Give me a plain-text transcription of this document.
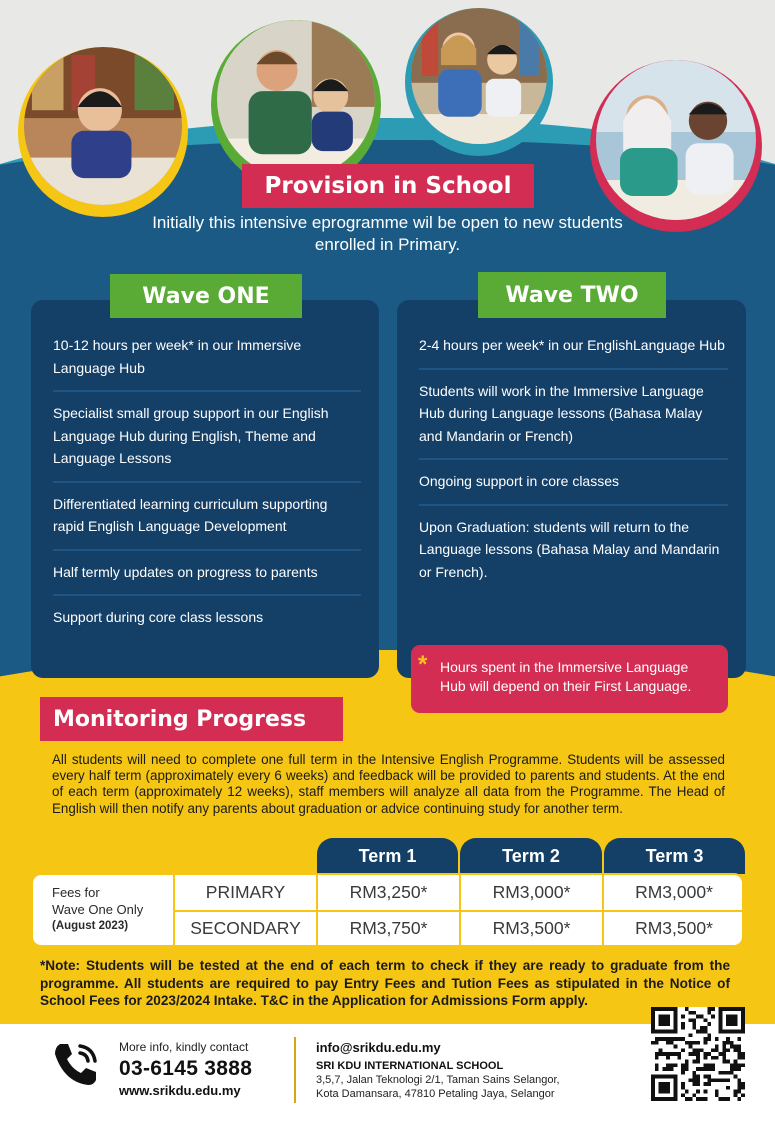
Provision in School
Initially this intensive eprogramme wil be open to new students enrolled in Primary.
10-12 hours per week* in our Immersive Language Hub
Specialist small group support in our English Language Hub during English, Theme and Language Lessons
Differentiated learning curriculum supporting rapid English Language Development
Half termly updates on progress to parents
Support during core class lessons
Wave ONE
2-4 hours per week* in our EnglishLanguage Hub
Students will work in the Immersive Language Hub during Language lessons (Bahasa Malay and Mandarin or French)
Ongoing support in core classes
Upon Graduation: students will return to the Language lessons (Bahasa Malay and Mandarin or French).
Wave TWO
* Hours spent in the Immersive Language Hub will depend on their First Language.
Monitoring Progress
All students will need to complete one full term in the Intensive English Programme. Students will be assessed every half term (approximately every 6 weeks) and feedback will be provided to parents and students. At the end of each term (approximately 12 weeks), staff members will analyze all data from the Programme. The Head of English will then notify any parents about graduation or advice continuing study for another term.
Term 1	Term 2	Term 3
Fees for
Wave One Only
(August 2023)
PRIMARY	RM3,250*	RM3,000*	RM3,000*
SECONDARY	RM3,750*	RM3,500*	RM3,500*
*Note: Students will be tested at the end of each term to check if they are ready to graduate from the programme. All students are required to pay Entry Fees and Tution Fees as stipulated in the Notice of School Fees for 2023/2024 Intake. T&C in the Application for Admissions Form apply.
More info, kindly contact
03-6145 3888
www.srikdu.edu.my
info@srikdu.edu.my
SRI KDU INTERNATIONAL SCHOOL
3,5,7, Jalan Teknologi 2/1, Taman Sains Selangor,
Kota Damansara, 47810 Petaling Jaya, Selangor
